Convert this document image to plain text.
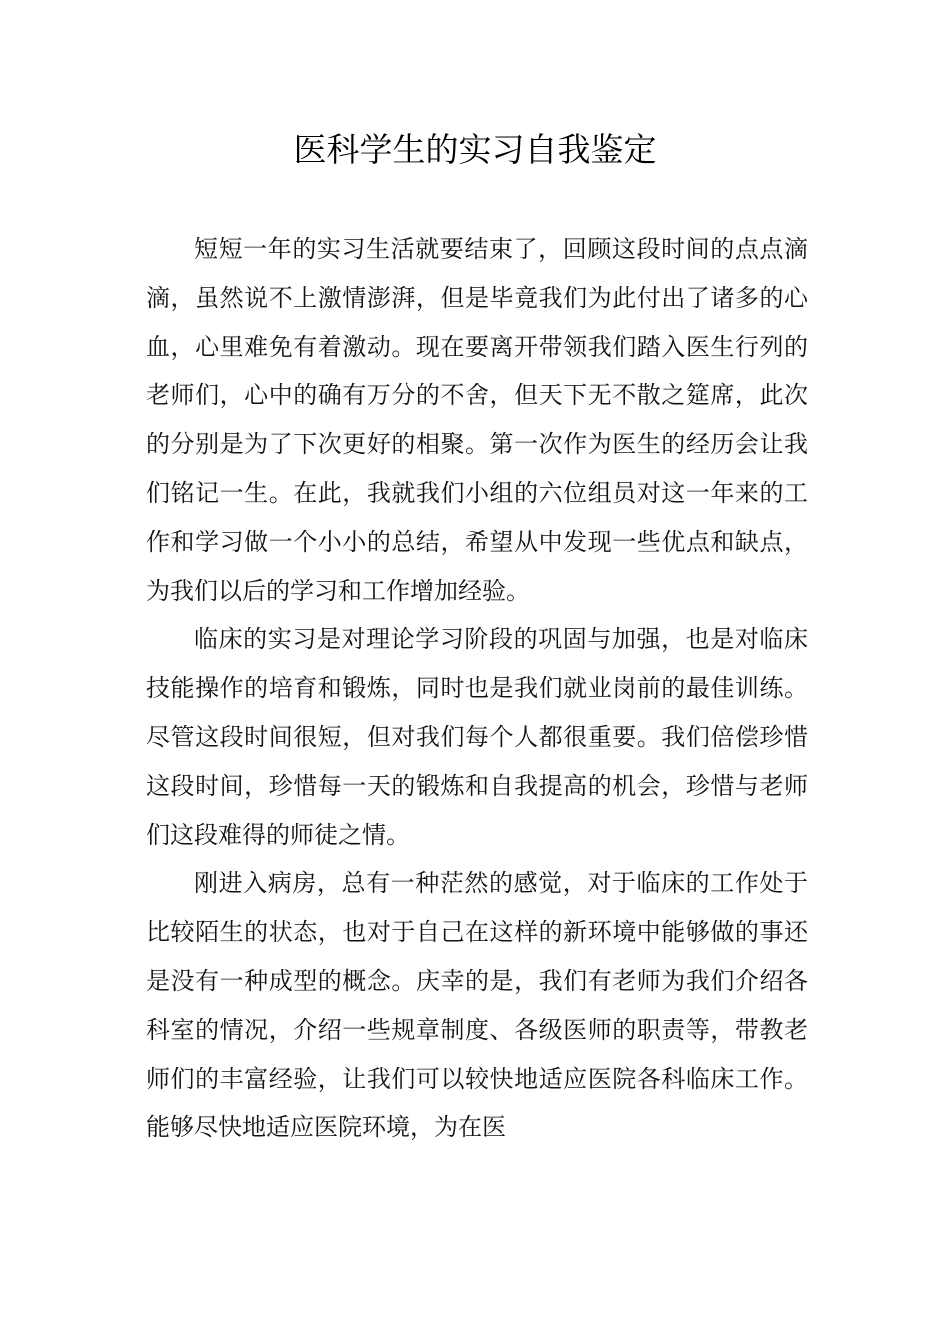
医科学生的实习自我鉴定

短短一年的实习生活就要结束了，回顾这段时间的点点滴滴，虽然说不上激情澎湃，但是毕竟我们为此付出了诸多的心血，心里难免有着激动。现在要离开带领我们踏入医生行列的老师们，心中的确有万分的不舍，但天下无不散之筵席，此次的分别是为了下次更好的相聚。第一次作为医生的经历会让我们铭记一生。在此，我就我们小组的六位组员对这一年来的工作和学习做一个小小的总结，希望从中发现一些优点和缺点，为我们以后的学习和工作增加经验。

临床的实习是对理论学习阶段的巩固与加强，也是对临床技能操作的培育和锻炼，同时也是我们就业岗前的最佳训练。尽管这段时间很短，但对我们每个人都很重要。我们倍偿珍惜这段时间，珍惜每一天的锻炼和自我提高的机会，珍惜与老师们这段难得的师徒之情。

刚进入病房，总有一种茫然的感觉，对于临床的工作处于比较陌生的状态，也对于自己在这样的新环境中能够做的事还是没有一种成型的概念。庆幸的是，我们有老师为我们介绍各科室的情况，介绍一些规章制度、各级医师的职责等，带教老师们的丰富经验，让我们可以较快地适应医院各科临床工作。能够尽快地适应医院环境，为在医
